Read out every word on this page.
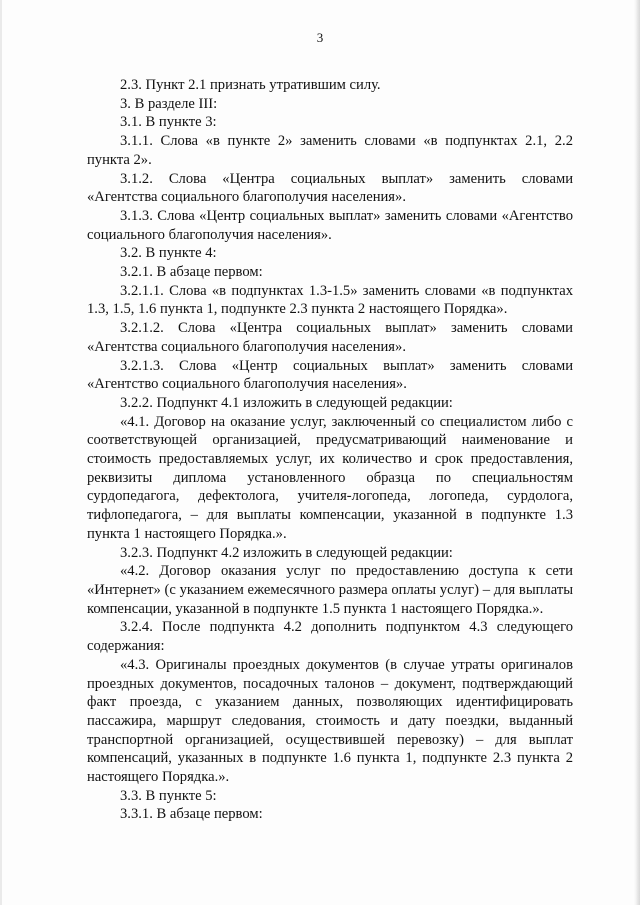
3

2.3. Пункт 2.1 признать утратившим силу.

3. В разделе III:

3.1. В пункте 3:

3.1.1. Слова «в пункте 2» заменить словами «в подпунктах 2.1, 2.2 пункта 2».

3.1.2. Слова «Центра социальных выплат» заменить словами «Агентства социального благополучия населения».

3.1.3. Слова «Центр социальных выплат» заменить словами «Агентство социального благополучия населения».

3.2. В пункте 4:

3.2.1. В абзаце первом:

3.2.1.1. Слова «в подпунктах 1.3-1.5» заменить словами «в подпунктах 1.3, 1.5, 1.6 пункта 1, подпункте 2.3 пункта 2 настоящего Порядка».

3.2.1.2. Слова «Центра социальных выплат» заменить словами «Агентства социального благополучия населения».

3.2.1.3. Слова «Центр социальных выплат» заменить словами «Агентство социального благополучия населения».

3.2.2. Подпункт 4.1 изложить в следующей редакции:

«4.1. Договор на оказание услуг, заключенный со специалистом либо с соответствующей организацией, предусматривающий наименование и стоимость предоставляемых услуг, их количество и срок предоставления, реквизиты диплома установленного образца по специальностям сурдопедагога, дефектолога, учителя-логопеда, логопеда, сурдолога, тифлопедагога, – для выплаты компенсации, указанной в подпункте 1.3 пункта 1 настоящего Порядка.».

3.2.3. Подпункт 4.2 изложить в следующей редакции:

«4.2. Договор оказания услуг по предоставлению доступа к сети «Интернет» (с указанием ежемесячного размера оплаты услуг) – для выплаты компенсации, указанной в подпункте 1.5 пункта 1 настоящего Порядка.».

3.2.4. После подпункта 4.2 дополнить подпунктом 4.3 следующего содержания:

«4.3. Оригиналы проездных документов (в случае утраты оригиналов проездных документов, посадочных талонов – документ, подтверждающий факт проезда, с указанием данных, позволяющих идентифицировать пассажира, маршрут следования, стоимость и дату поездки, выданный транспортной организацией, осуществившей перевозку) – для выплат компенсаций, указанных в подпункте 1.6 пункта 1, подпункте 2.3 пункта 2 настоящего Порядка.».

3.3. В пункте 5:

3.3.1. В абзаце первом:
